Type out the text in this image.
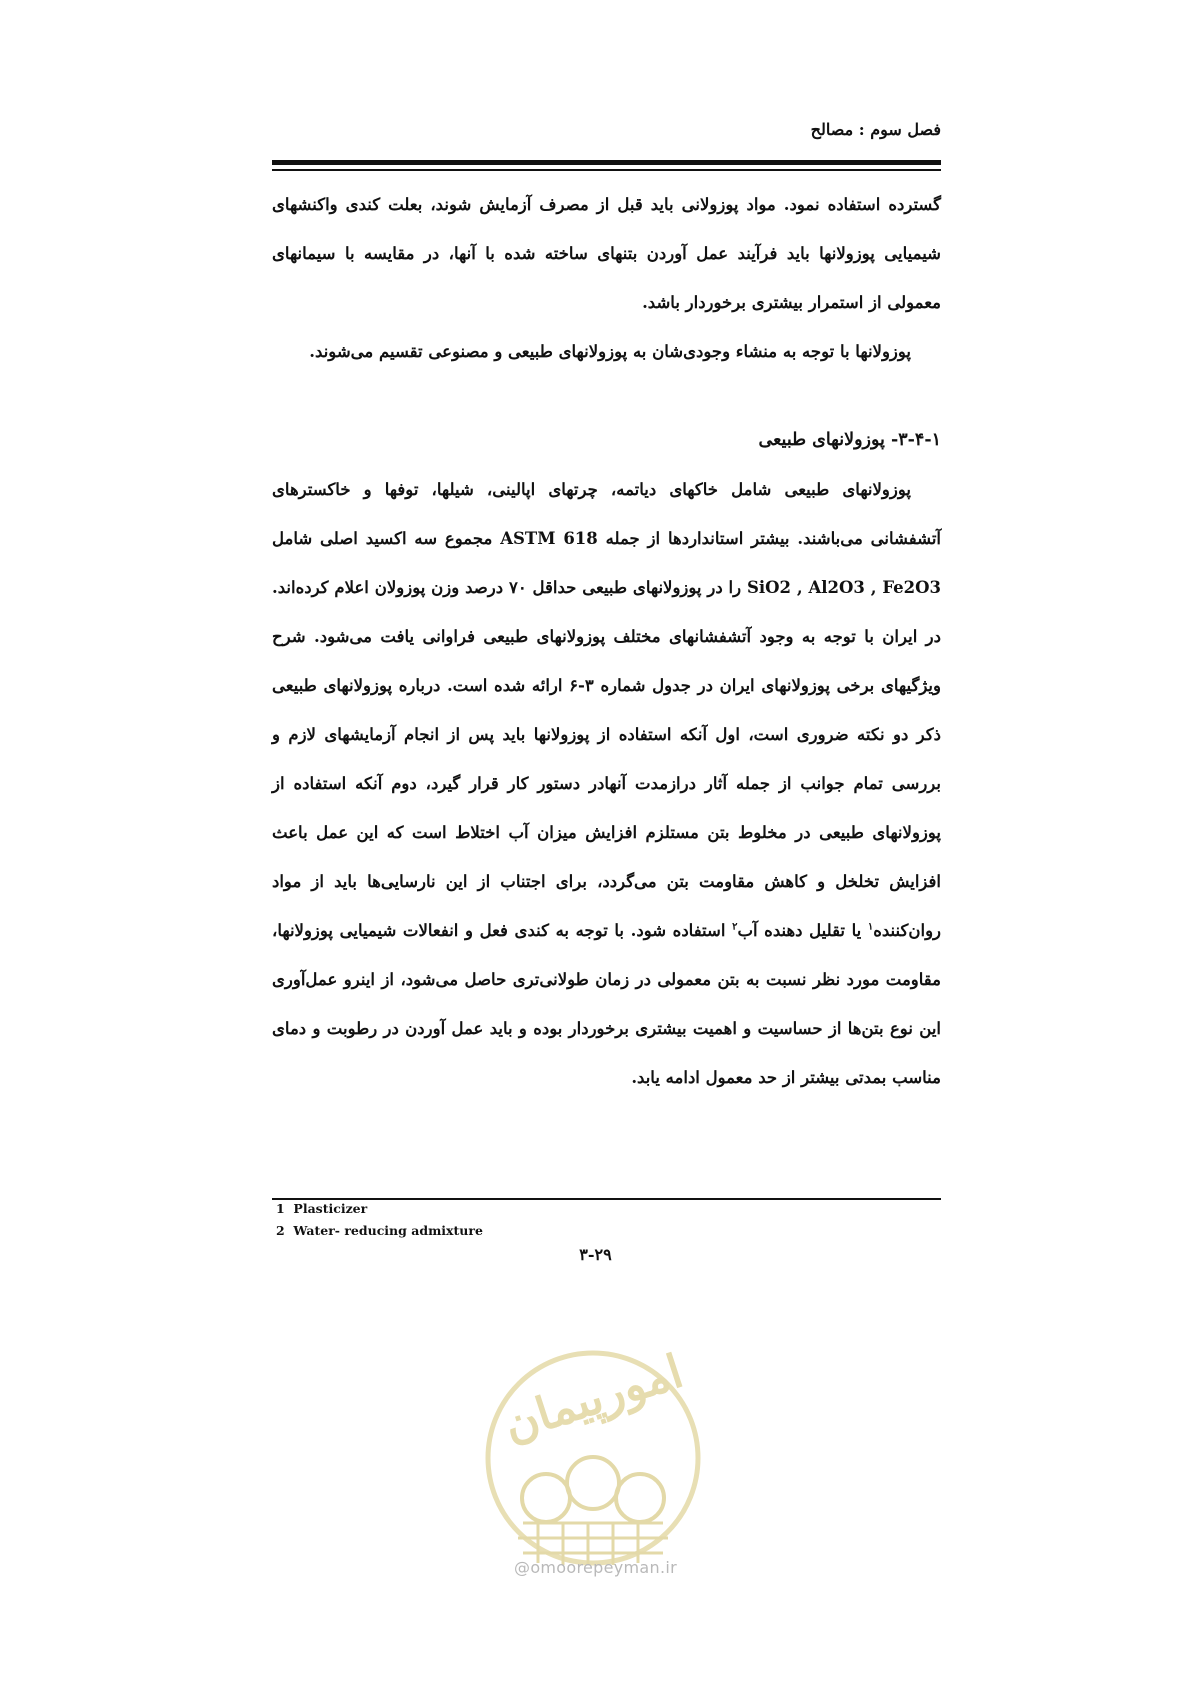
فصل سوم : مصالح

گسترده استفاده نمود. مواد پوزولانی باید قبل از مصرف آزمایش شوند، بعلت کندی واکنشهای شیمیایی پوزولانها باید فرآیند عمل آوردن بتنهای ساخته شده با آنها، در مقایسه با سیمانهای معمولی از استمرار بیشتری برخوردار باشد.

پوزولانها با توجه به منشاء وجودی‌شان به پوزولانهای طبیعی و مصنوعی تقسیم می‌شوند.

۳-۴-۱- پوزولانهای طبیعی

پوزولانهای طبیعی شامل خاکهای دیاتمه، چرتهای اپالینی، شیلها، توفها و خاکسترهای آتشفشانی می‌باشند. بیشتر استانداردها از جمله ASTM 618 مجموع سه اکسید اصلی شامل SiO2 , Al2O3 , Fe2O3 را در پوزولانهای طبیعی حداقل ۷۰ درصد وزن پوزولان اعلام کرده‌اند. در ایران با توجه به وجود آتشفشانهای مختلف پوزولانهای طبیعی فراوانی یافت می‌شود. شرح ویژگیهای برخی پوزولانهای ایران در جدول شماره ۳-۶ ارائه شده است. درباره پوزولانهای طبیعی ذکر دو نکته ضروری است، اول آنکه استفاده از پوزولانها باید پس از انجام آزمایشهای لازم و بررسی تمام جوانب از جمله آثار درازمدت آنهادر دستور کار قرار گیرد، دوم آنکه استفاده از پوزولانهای طبیعی در مخلوط بتن مستلزم افزایش میزان آب اختلاط است که این عمل باعث افزایش تخلخل و کاهش مقاومت بتن می‌گردد، برای اجتناب از این نارسایی‌ها باید از مواد روان‌کننده$^۱$ یا تقلیل دهنده آب$^۲$ استفاده شود. با توجه به کندی فعل و انفعالات شیمیایی پوزولانها، مقاومت مورد نظر نسبت به بتن معمولی در زمان طولانی‌تری حاصل می‌شود، از اینرو عمل‌آوری این نوع بتن‌ها از حساسیت و اهمیت بیشتری برخوردار بوده و باید عمل آوردن در رطوبت و دمای مناسب بمدتی بیشتر از حد معمول ادامه یابد.

1 Plasticizer
2 Water- reducing admixture
۳-۲۹
امورپیمان
@omoorepeyman.ir
